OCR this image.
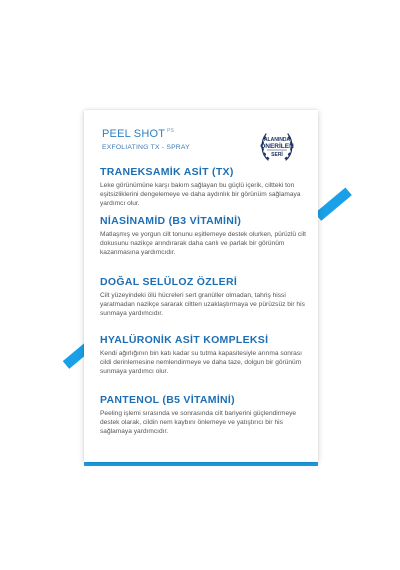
PEEL SHOT $^{PS}$
EXFOLIATING TX - SPRAY
ALANINDA
ÖNERİLEN
SERİ
TRANEKSAMİK ASİT (TX)

Leke görünümüne karşı bakım sağlayan bu güçlü içerik, ciltteki ton eşitsizliklerini dengelemeye ve daha aydınlık bir görünüm sağlamaya yardımcı olur.

NİASİNAMİD (B3 VİTAMİNİ)

Matlaşmış ve yorgun cilt tonunu eşitlemeye destek olurken, pürüzlü cilt dokusunu nazikçe arındırarak daha canlı ve parlak bir görünüm kazanmasına yardımcıdır.

DOĞAL SELÜLOZ ÖZLERİ

Cilt yüzeyindeki ölü hücreleri sert granüller olmadan, tahriş hissi yaratmadan nazikçe sararak ciltten uzaklaştırmaya ve pürüzsüz bir his sunmaya yardımcıdır.

HYALÜRONİK ASİT KOMPLEKSİ

Kendi ağırlığının bin katı kadar su tutma kapasitesiyle arınma sonrası cildi derinlemesine nemlendirmeye ve daha taze, dolgun bir görünüm sunmaya yardımcı olur.

PANTENOL (B5 VİTAMİNİ)

Peeling işlemi sırasında ve sonrasında cilt bariyerini güçlendirmeye destek olarak, cildin nem kaybını önlemeye ve yatıştırıcı bir his sağlamaya yardımcıdır.
